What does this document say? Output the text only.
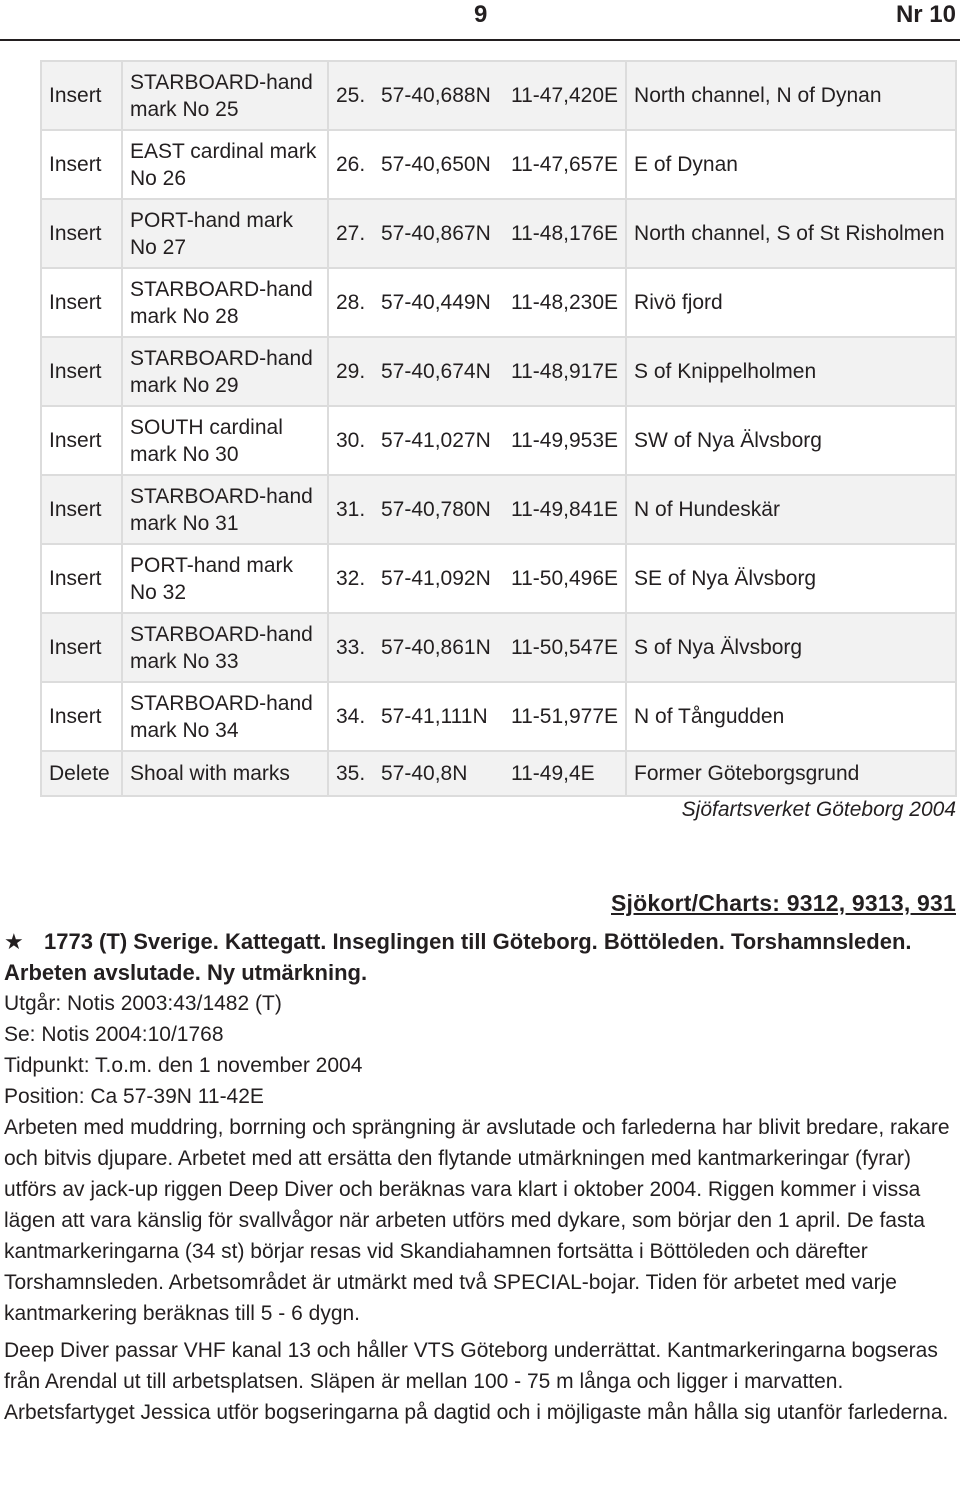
9	Nr 10
Insert	STARBOARD-hand mark No 25	25. 57-40,688N 11-47,420E	North channel, N of Dynan
Insert	EAST cardinal mark No 26	26. 57-40,650N 11-47,657E	E of Dynan
Insert	PORT-hand mark No 27	27. 57-40,867N 11-48,176E	North channel, S of St Risholmen
Insert	STARBOARD-hand mark No 28	28. 57-40,449N 11-48,230E	Rivö fjord
Insert	STARBOARD-hand mark No 29	29. 57-40,674N 11-48,917E	S of Knippelholmen
Insert	SOUTH cardinal mark No 30	30. 57-41,027N 11-49,953E	SW of Nya Älvsborg
Insert	STARBOARD-hand mark No 31	31. 57-40,780N 11-49,841E	N of Hundeskär
Insert	PORT-hand mark No 32	32. 57-41,092N 11-50,496E	SE of Nya Älvsborg
Insert	STARBOARD-hand mark No 33	33. 57-40,861N 11-50,547E	S of Nya Älvsborg
Insert	STARBOARD-hand mark No 34	34. 57-41,111N 11-51,977E	N of Tångudden
Delete	Shoal with marks	35. 57-40,8N 11-49,4E	Former Göteborgsgrund
Sjöfartsverket Göteborg 2004
Sjökort/Charts: 9312, 9313, 931

★ 1773 (T) Sverige. Kattegatt. Inseglingen till Göteborg. Böttöleden. Torshamnsleden. Arbeten avslutade. Ny utmärkning.

Utgår: Notis 2003:43/1482 (T)

Se: Notis 2004:10/1768

Tidpunkt: T.o.m. den 1 november 2004

Position: Ca 57-39N 11-42E

Arbeten med muddring, borrning och sprängning är avslutade och farlederna har blivit bredare, rakare och bitvis djupare. Arbetet med att ersätta den flytande utmärkningen med kantmarkeringar (fyrar) utförs av jack-up riggen Deep Diver och beräknas vara klart i oktober 2004. Riggen kommer i vissa lägen att vara känslig för svallvågor när arbeten utförs med dykare, som börjar den 1 april. De fasta kantmarkeringarna (34 st) börjar resas vid Skandiahamnen fortsätta i Böttöleden och därefter Torshamnsleden. Arbetsområdet är utmärkt med två SPECIAL-bojar. Tiden för arbetet med varje kantmarkering beräknas till 5 - 6 dygn.

Deep Diver passar VHF kanal 13 och håller VTS Göteborg underrättat. Kantmarkeringarna bogseras från Arendal ut till arbetsplatsen. Släpen är mellan 100 - 75 m långa och ligger i marvatten. Arbetsfartyget Jessica utför bogseringarna på dagtid och i möjligaste mån hålla sig utanför farlederna.
